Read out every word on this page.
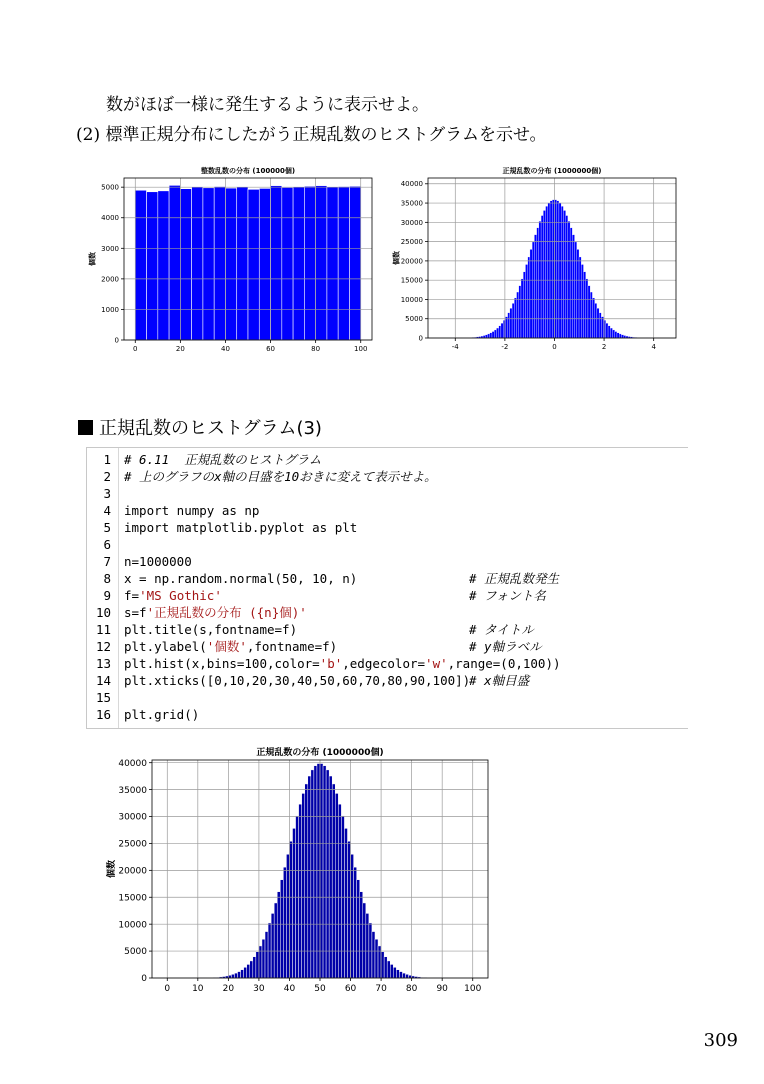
数がほぼ一様に発生するように表示せよ。
(2) 標準正規分布にしたがう正規乱数のヒストグラムを示せ。
整数乱数の分布 (100000個)
0	20	40	60	80	100
0
1000
2000
3000
4000
5000
個数
正規乱数の分布 (1000000個)
-4	-2	0	2	4
0
5000
10000
15000
20000
25000
30000
35000
40000
個数
正規乱数のヒストグラム(3)
1 # 6.11  正規乱数のヒストグラム
2 # 上のグラフのx軸の目盛を10おきに変えて表示せよ。
3
4 import numpy as np
5 import matplotlib.pyplot as plt
6
7 n=1000000
8 x = np.random.normal(50, 10, n)	# 正規乱数発生
9 f='MS Gothic'	# フォント名
10 s=f'正規乱数の分布 ({n}個)'
11 plt.title(s,fontname=f)	# タイトル
12 plt.ylabel('個数',fontname=f)	# y軸ラベル
13 plt.hist(x,bins=100,color='b',edgecolor='w',range=(0,100))
14 plt.xticks([0,10,20,30,40,50,60,70,80,90,100])
# x軸目盛
15
16 plt.grid()
正規乱数の分布 (1000000個)
0 10 20 30 40 50 60 70 80 90 100
0
5000
10000
15000
20000
25000
30000
35000
40000
個数
309
